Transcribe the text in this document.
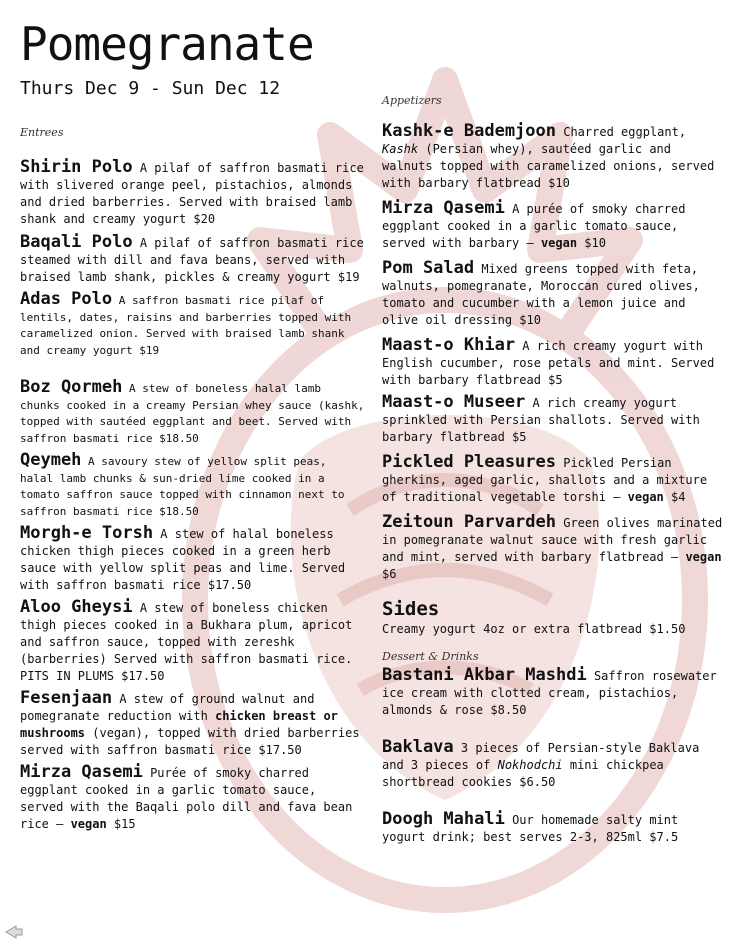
Pomegranate
Thurs Dec 9 - Sun Dec 12
Entrees
Shirin Polo A pilaf of saffron basmati rice with slivered orange peel, pistachios, almonds and dried barberries. Served with braised lamb shank and creamy yogurt $20
Baqali Polo A pilaf of saffron basmati rice steamed with dill and fava beans, served with braised lamb shank, pickles & creamy yogurt $19
Adas Polo A saffron basmati rice pilaf of lentils, dates, raisins and barberries topped with caramelized onion. Served with braised lamb shank and creamy yogurt $19
Boz Qormeh A stew of boneless halal lamb chunks cooked in a creamy Persian whey sauce (kashk, topped with sautéed eggplant and beet. Served with saffron basmati rice $18.50
Qeymeh A savoury stew of yellow split peas, halal lamb chunks & sun-dried lime cooked in a tomato saffron sauce topped with cinnamon next to saffron basmati rice $18.50
Morgh-e Torsh A stew of halal boneless chicken thigh pieces cooked in a green herb sauce with yellow split peas and lime. Served with saffron basmati rice $17.50
Aloo Gheysi A stew of boneless chicken thigh pieces cooked in a Bukhara plum, apricot and saffron sauce, topped with zereshk (barberries) Served with saffron basmati rice. PITS IN PLUMS $17.50
Fesenjaan A stew of ground walnut and pomegranate reduction with chicken breast or mushrooms (vegan), topped with dried barberries served with saffron basmati rice $17.50
Mirza Qasemi Purée of smoky charred eggplant cooked in a garlic tomato sauce, served with the Baqali polo dill and fava bean rice – vegan $15
Appetizers
Kashk-e Bademjoon Charred eggplant, Kashk (Persian whey), sautéed garlic and walnuts topped with caramelized onions, served with barbary flatbread $10
Mirza Qasemi A purée of smoky charred eggplant cooked in a garlic tomato sauce, served with barbary – vegan $10
Pom Salad Mixed greens topped with feta, walnuts, pomegranate, Moroccan cured olives, tomato and cucumber with a lemon juice and olive oil dressing $10
Maast-o Khiar A rich creamy yogurt with English cucumber, rose petals and mint. Served with barbary flatbread $5
Maast-o Museer A rich creamy yogurt sprinkled with Persian shallots. Served with barbary flatbread $5
Pickled Pleasures Pickled Persian gherkins, aged garlic, shallots and a mixture of traditional vegetable torshi – vegan $4
Zeitoun Parvardeh Green olives marinated in pomegranate walnut sauce with fresh garlic and mint, served with barbary flatbread – vegan $6
Sides
Creamy yogurt 4oz or extra flatbread $1.50
Dessert & Drinks
Bastani Akbar Mashdi Saffron rosewater ice cream with clotted cream, pistachios, almonds & rose $8.50
Baklava 3 pieces of Persian-style Baklava and 3 pieces of Nokhodchi mini chickpea shortbread cookies $6.50
Doogh Mahali Our homemade salty mint yogurt drink; best serves 2-3, 825ml $7.5
